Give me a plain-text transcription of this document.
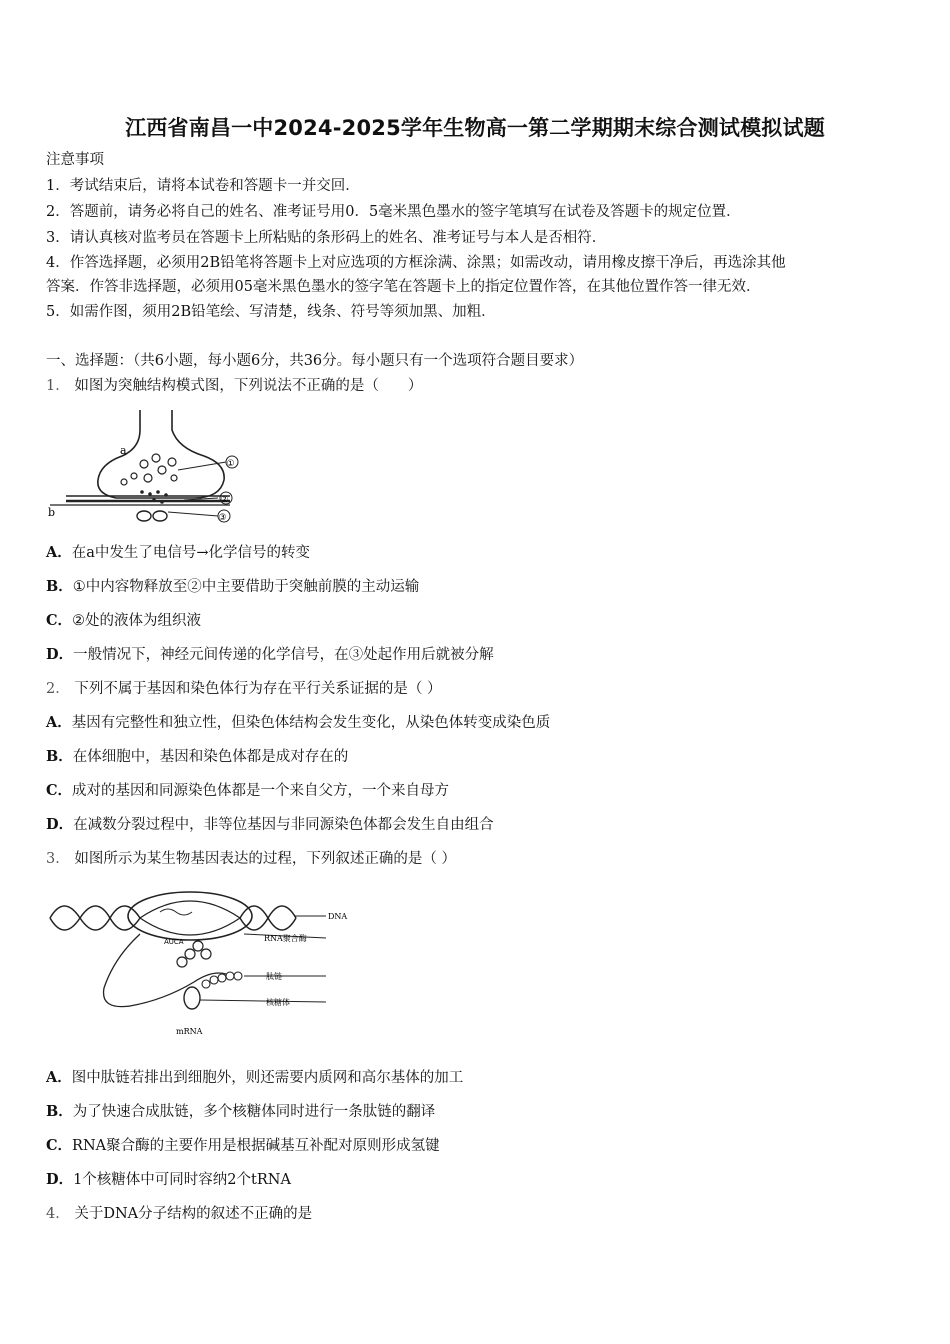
江西省南昌一中2024-2025学年生物高一第二学期期末综合测试模拟试题
注意事项
1．考试结束后，请将本试卷和答题卡一并交回．
2．答题前，请务必将自己的姓名、准考证号用0．5毫米黑色墨水的签字笔填写在试卷及答题卡的规定位置．
3．请认真核对监考员在答题卡上所粘贴的条形码上的姓名、准考证号与本人是否相符．
4．作答选择题，必须用2B铅笔将答题卡上对应选项的方框涂满、涂黑；如需改动，请用橡皮擦干净后，再选涂其他
答案．作答非选择题，必须用05毫米黑色墨水的签字笔在答题卡上的指定位置作答，在其他位置作答一律无效．
5．如需作图，须用2B铅笔绘、写清楚，线条、符号等须加黑、加粗．
一、选择题：（共6小题，每小题6分，共36分。每小题只有一个选项符合题目要求）
1． 如图为突触结构模式图，下列说法不正确的是（　　）
a
b
①
②
③
A．在a中发生了电信号→化学信号的转变
B．①中内容物释放至②中主要借助于突触前膜的主动运输
C．②处的液体为组织液
D．一般情况下，神经元间传递的化学信号，在③处起作用后就被分解
2． 下列不属于基因和染色体行为存在平行关系证据的是（ ）
A．基因有完整性和独立性，但染色体结构会发生变化，从染色体转变成染色质
B．在体细胞中，基因和染色体都是成对存在的
C．成对的基因和同源染色体都是一个来自父方，一个来自母方
D．在减数分裂过程中，非等位基因与非同源染色体都会发生自由组合
3． 如图所示为某生物基因表达的过程，下列叙述正确的是（ ）
AUCA
DNA
RNA聚合酶
肽链
核糖体
mRNA
A．图中肽链若排出到细胞外，则还需要内质网和高尔基体的加工
B．为了快速合成肽链，多个核糖体同时进行一条肽链的翻译
C．RNA聚合酶的主要作用是根据碱基互补配对原则形成氢键
D．1个核糖体中可同时容纳2个tRNA
4． 关于DNA分子结构的叙述不正确的是
